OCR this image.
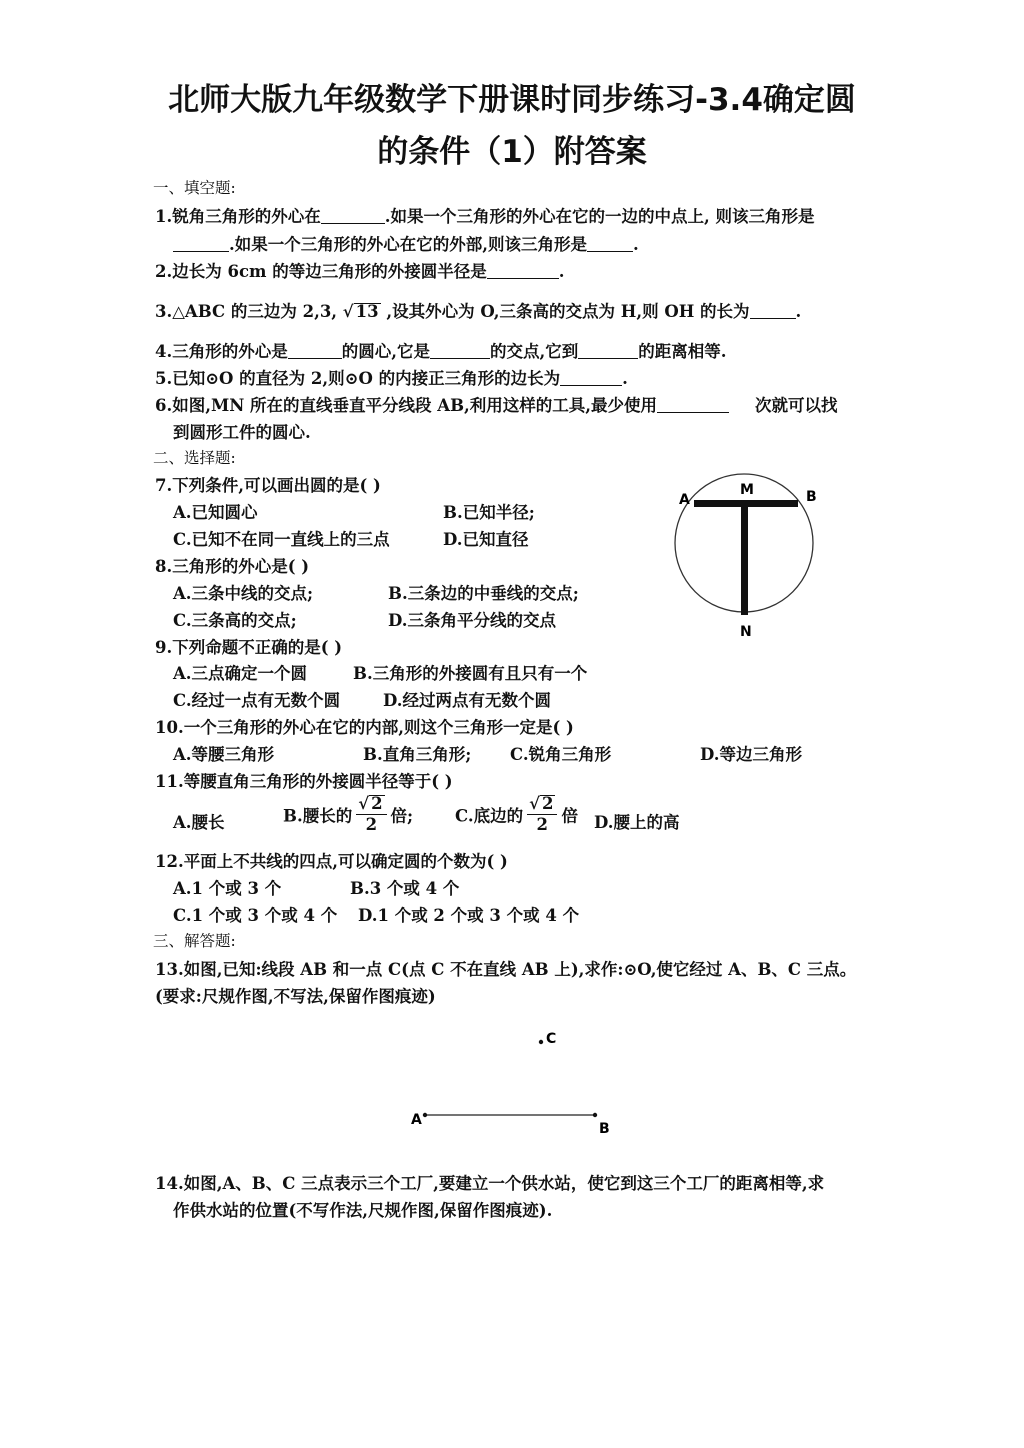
北师大版九年级数学下册课时同步练习-3.4确定圆
的条件（1）附答案
一、填空题:
1.锐角三角形的外心在	.如果一个三角形的外心在它的一边的中点上, 则该三角形是
.如果一个三角形的外心在它的外部,则该三角形是	.
2.边长为 6cm 的等边三角形的外接圆半径是	.
3.△ABC 的三边为 2,3, √ 13 ,设其外心为 O,三条高的交点为 H,则 OH 的长为	.
4.三角形的外心是	的圆心,它是	的交点,它到	的距离相等.
5.已知⊙O 的直径为 2,则⊙O 的内接正三角形的边长为	.
6.如图,MN 所在的直线垂直平分线段 AB,利用这样的工具,最少使用	次就可以找
到圆形工件的圆心.
二、选择题:
7.下列条件,可以画出圆的是( )
A.已知圆心	B.已知半径;
C.已知不在同一直线上的三点	D.已知直径
8.三角形的外心是( )
A.三条中线的交点;	B.三条边的中垂线的交点;
C.三条高的交点;	D.三条角平分线的交点
9.下列命题不正确的是( )
A.三点确定一个圆	B.三角形的外接圆有且只有一个
C.经过一点有无数个圆	D.经过两点有无数个圆
10.一个三角形的外心在它的内部,则这个三角形一定是( )
A.等腰三角形	B.直角三角形; C.锐角三角形	D.等边三角形
11.等腰直角三角形的外接圆半径等于( )
A.腰长	B.腰长的 $\frac{√ 2}{2}$ 倍;	C.底边的 $\frac{√ 2}{2}$ 倍 D.腰上的高
12.平面上不共线的四点,可以确定圆的个数为( )
A.1 个或 3 个	B.3 个或 4 个
C.1 个或 3 个或 4 个 D.1 个或 2 个或 3 个或 4 个
三、解答题:
13.如图,已知:线段 AB 和一点 C(点 C 不在直线 AB 上),求作:⊙O,使它经过 A、B、C 三点。
(要求:尺规作图,不写法,保留作图痕迹)
14.如图,A、B、C 三点表示三个工厂,要建立一个供水站，使它到这三个工厂的距离相等,求
作供水站的位置(不写作法,尺规作图,保留作图痕迹).
A
M	B
N
A
B
C
